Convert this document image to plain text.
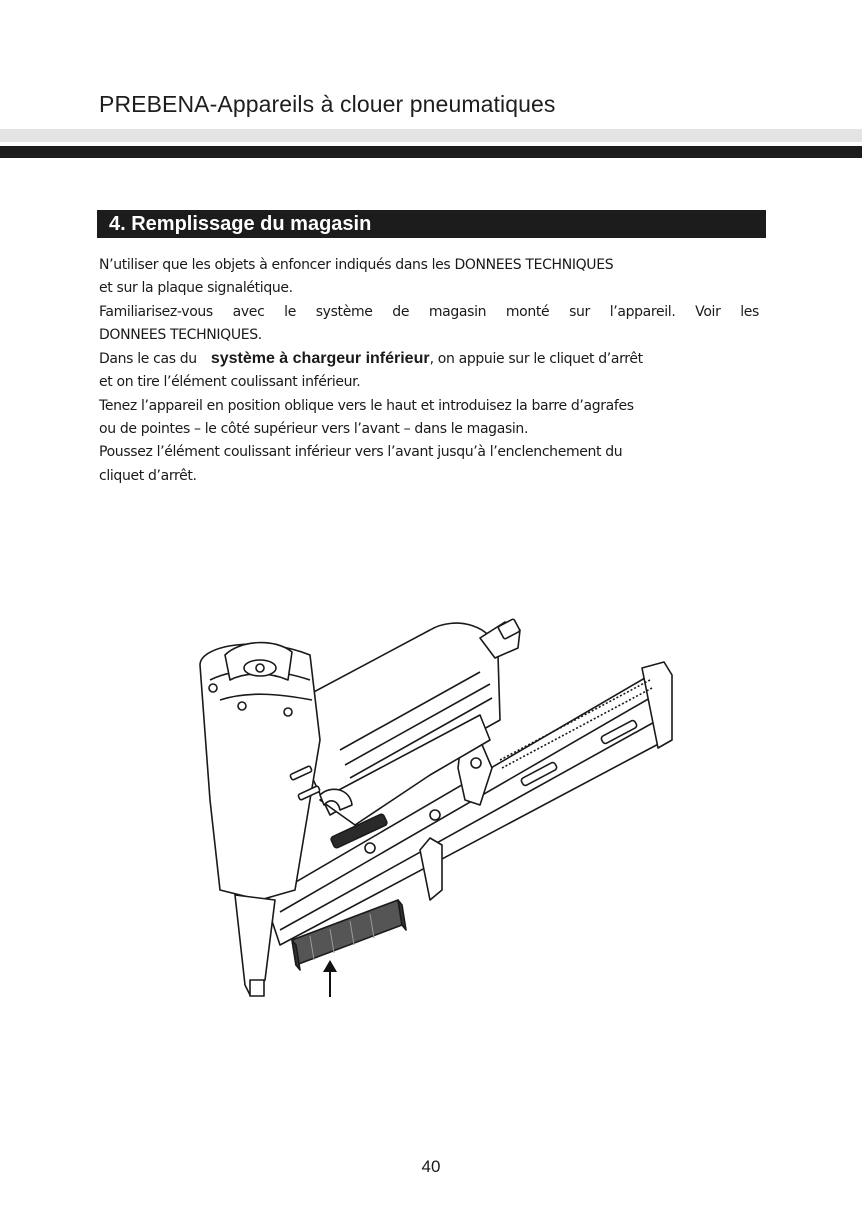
PREBENA-Appareils à clouer pneumatiques
4. Remplissage du magasin
N’utiliser que les objets à enfoncer indiqués dans les DONNEES TECHNIQUES
et sur la plaque signalétique.
Familiarisez-vous avec le système de magasin monté sur l’appareil. Voir les
DONNEES TECHNIQUES.
Dans le cas du système à chargeur inférieur, on appuie sur le cliquet d’arrêt
et on tire l’élément coulissant inférieur.
Tenez l’appareil en position oblique vers le haut et introduisez la barre d’agrafes
ou de pointes – le côté supérieur vers l’avant – dans le magasin.
Poussez l’élément coulissant inférieur vers l’avant jusqu’à l’enclenchement du
cliquet d’arrêt.
40
